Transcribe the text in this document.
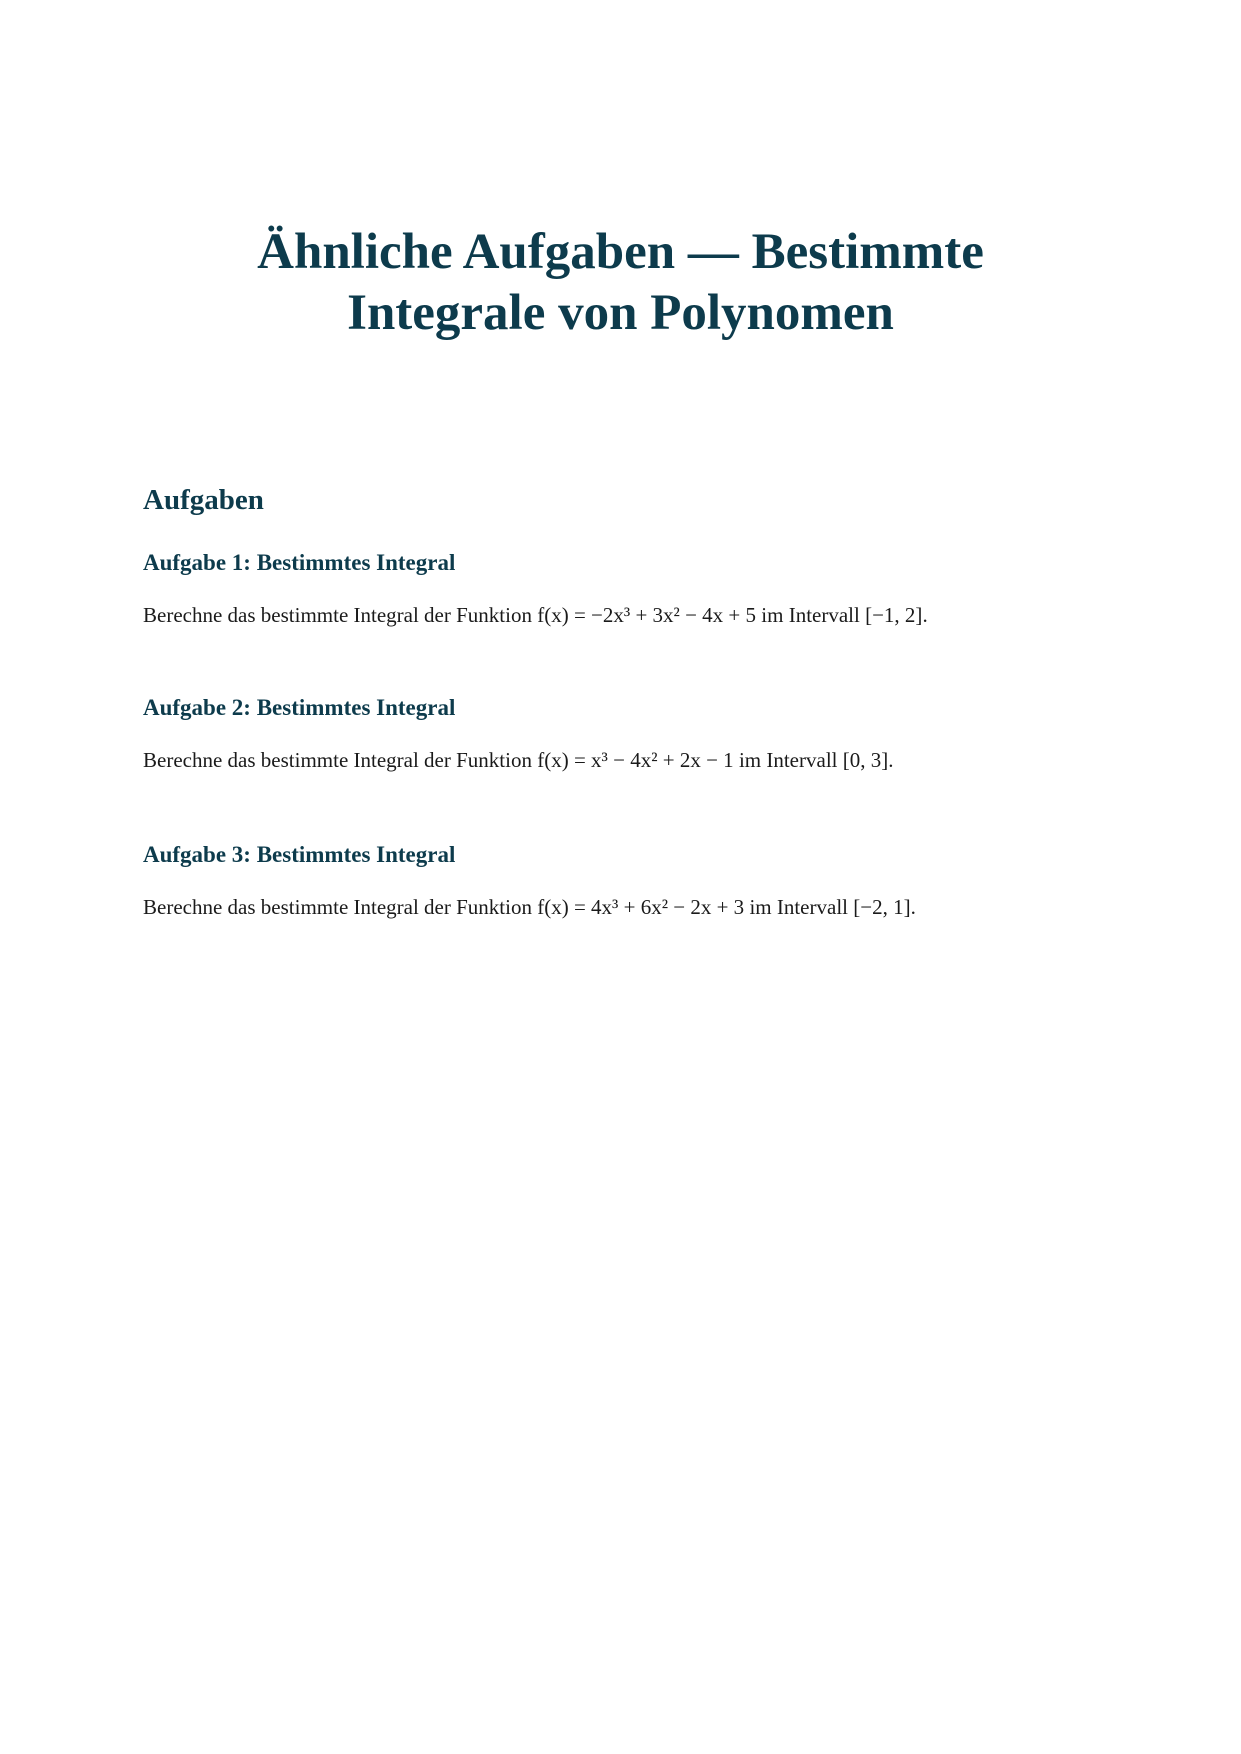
Ähnliche Aufgaben — Bestimmte
Integrale von Polynomen
Aufgaben
Aufgabe 1: Bestimmtes Integral

Berechne das bestimmte Integral der Funktion f(x) = −2x³ + 3x² − 4x + 5 im Intervall [−1, 2].

Aufgabe 2: Bestimmtes Integral

Berechne das bestimmte Integral der Funktion f(x) = x³ − 4x² + 2x − 1 im Intervall [0, 3].

Aufgabe 3: Bestimmtes Integral

Berechne das bestimmte Integral der Funktion f(x) = 4x³ + 6x² − 2x + 3 im Intervall [−2, 1].
